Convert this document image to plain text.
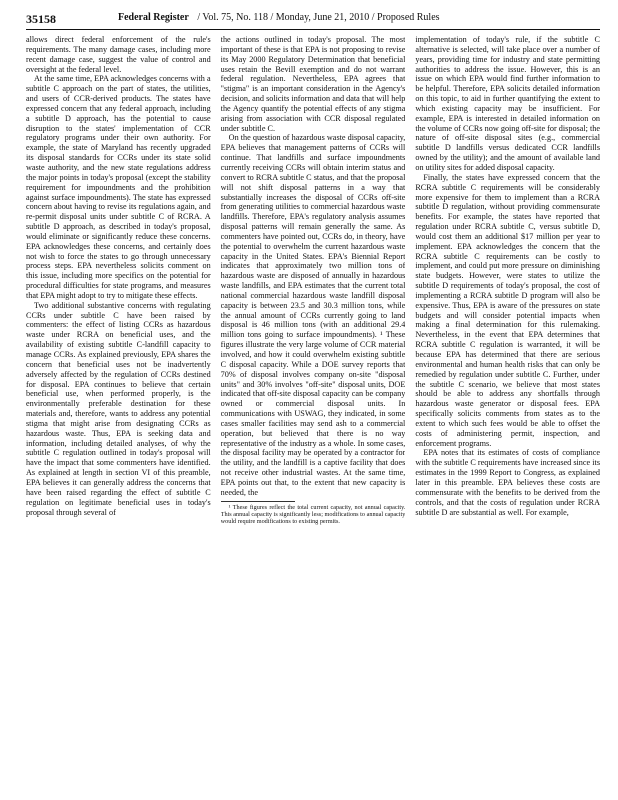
35158	Federal Register / Vol. 75, No. 118 / Monday, June 21, 2010 / Proposed Rules

allows direct federal enforcement of the rule's requirements. The many damage cases, including more recent damage case, suggest the value of control and oversight at the federal level.

At the same time, EPA acknowledges concerns with a subtitle C approach on the part of states, the utilities, and users of CCR-derived products. The states have expressed concern that any federal approach, including a subtitle D approach, has the potential to cause disruption to the states' implementation of CCR regulatory programs under their own authority. For example, the state of Maryland has recently upgraded its disposal standards for CCRs under its state solid waste authority, and the new state regulations address the major points in today's proposal (except the stability requirement for impoundments and the prohibition against surface impoundments). The state has expressed concern about having to revise its regulations again, and re-permit disposal units under subtitle C of RCRA. A subtitle D approach, as described in today's proposal, would eliminate or significantly reduce these concerns. EPA acknowledges these concerns, and certainly does not wish to force the states to go through unnecessary process steps. EPA nevertheless solicits comment on this issue, including more specifics on the potential for procedural difficulties for state programs, and measures that EPA might adopt to try to mitigate these effects.

Two additional substantive concerns with regulating CCRs under subtitle C have been raised by commenters: the effect of listing CCRs as hazardous waste under RCRA on beneficial uses, and the availability of existing subtitle C-landfill capacity to manage CCRs. As explained previously, EPA shares the concern that beneficial uses not be inadvertently adversely affected by the regulation of CCRs destined for disposal. EPA continues to believe that certain beneficial use, when performed properly, is the environmentally preferable destination for these materials and, therefore, wants to address any potential stigma that might arise from designating CCRs as hazardous waste. Thus, EPA is seeking data and information, including detailed analyses, of why the subtitle C regulation outlined in today's proposal will have the impact that some commenters have identified. As explained at length in section VI of this preamble, EPA believes it can generally address the concerns that have been raised regarding the effect of subtitle C regulation on legitimate beneficial uses in today's proposal through several of

the actions outlined in today's proposal. The most important of these is that EPA is not proposing to revise its May 2000 Regulatory Determination that beneficial uses retain the Bevill exemption and do not warrant federal regulation. Nevertheless, EPA agrees that "stigma" is an important consideration in the Agency's decision, and solicits information and data that will help the Agency quantify the potential effects of any stigma arising from association with CCR disposal regulated under subtitle C.

On the question of hazardous waste disposal capacity, EPA believes that management patterns of CCRs will continue. That landfills and surface impoundments currently receiving CCRs will obtain interim status and convert to RCRA subtitle C status, and that the proposal will not shift disposal patterns in a way that substantially increases the disposal of CCRs off-site from generating utilities to commercial hazardous waste landfills. Therefore, EPA's regulatory analysis assumes disposal patterns will remain generally the same. As commenters have pointed out, CCRs do, in theory, have the potential to overwhelm the current hazardous waste capacity in the United States. EPA's Biennial Report indicates that approximately two million tons of hazardous waste are disposed of annually in hazardous waste landfills, and EPA estimates that the current total national commercial hazardous waste landfill disposal capacity is between 23.5 and 30.3 million tons, while the annual amount of CCRs currently going to land disposal is 46 million tons (with an additional 29.4 million tons going to surface impoundments). ¹ These figures illustrate the very large volume of CCR material involved, and how it could overwhelm existing subtitle C disposal capacity. While a DOE survey reports that 70% of disposal involves company on-site "disposal units" and 30% involves "off-site" disposal units, DOE indicated that off-site disposal capacity can be company owned or commercial disposal units. In communications with USWAG, they indicated, in some cases smaller facilities may send ash to a commercial operation, but believed that there is no way representative of the industry as a whole. In some cases, the disposal facility may be operated by a contractor for the utility, and the landfill is a captive facility that does not receive other industrial wastes. At the same time, EPA points out that, to the extent that new capacity is needed, the

¹ These figures reflect the total current capacity, not annual capacity. This annual capacity is significantly less; modifications to annual capacity would require modifications to existing permits.

implementation of today's rule, if the subtitle C alternative is selected, will take place over a number of years, providing time for industry and state permitting authorities to address the issue. However, this is an issue on which EPA would find further information to be helpful. Therefore, EPA solicits detailed information on this topic, to aid in further quantifying the extent to which existing capacity may be insufficient. For example, EPA is interested in detailed information on the volume of CCRs now going off-site for disposal; the nature of off-site disposal sites (e.g., commercial subtitle D landfills versus dedicated CCR landfills owned by the utility); and the amount of available land on utility sites for added disposal capacity.

Finally, the states have expressed concern that the RCRA subtitle C requirements will be considerably more expensive for them to implement than a RCRA subtitle D regulation, without providing commensurate benefits. For example, the states have reported that regulation under RCRA subtitle C, versus subtitle D, would cost them an additional $17 million per year to implement. EPA acknowledges the concern that the RCRA subtitle C requirements can be costly to implement, and could put more pressure on diminishing state budgets. However, were states to utilize the subtitle D requirements of today's proposal, the cost of implementing a RCRA subtitle D program will also be expensive. Thus, EPA is aware of the pressures on state budgets and will consider potential impacts when making a final determination for this rulemaking. Nevertheless, in the event that EPA determines that RCRA subtitle C regulation is warranted, it will be because EPA has determined that there are serious environmental and human health risks that can only be remedied by regulation under subtitle C. Further, under the subtitle C scenario, we believe that most states should be able to address any shortfalls through hazardous waste generator or disposal fees. EPA specifically solicits comments from states as to the extent to which such fees would be able to offset the costs of administering permit, inspection, and enforcement programs.

EPA notes that its estimates of costs of compliance with the subtitle C requirements have increased since its estimates in the 1999 Report to Congress, as explained later in this preamble. EPA believes these costs are commensurate with the benefits to be derived from the controls, and that the costs of regulation under RCRA subtitle D are substantial as well. For example,
